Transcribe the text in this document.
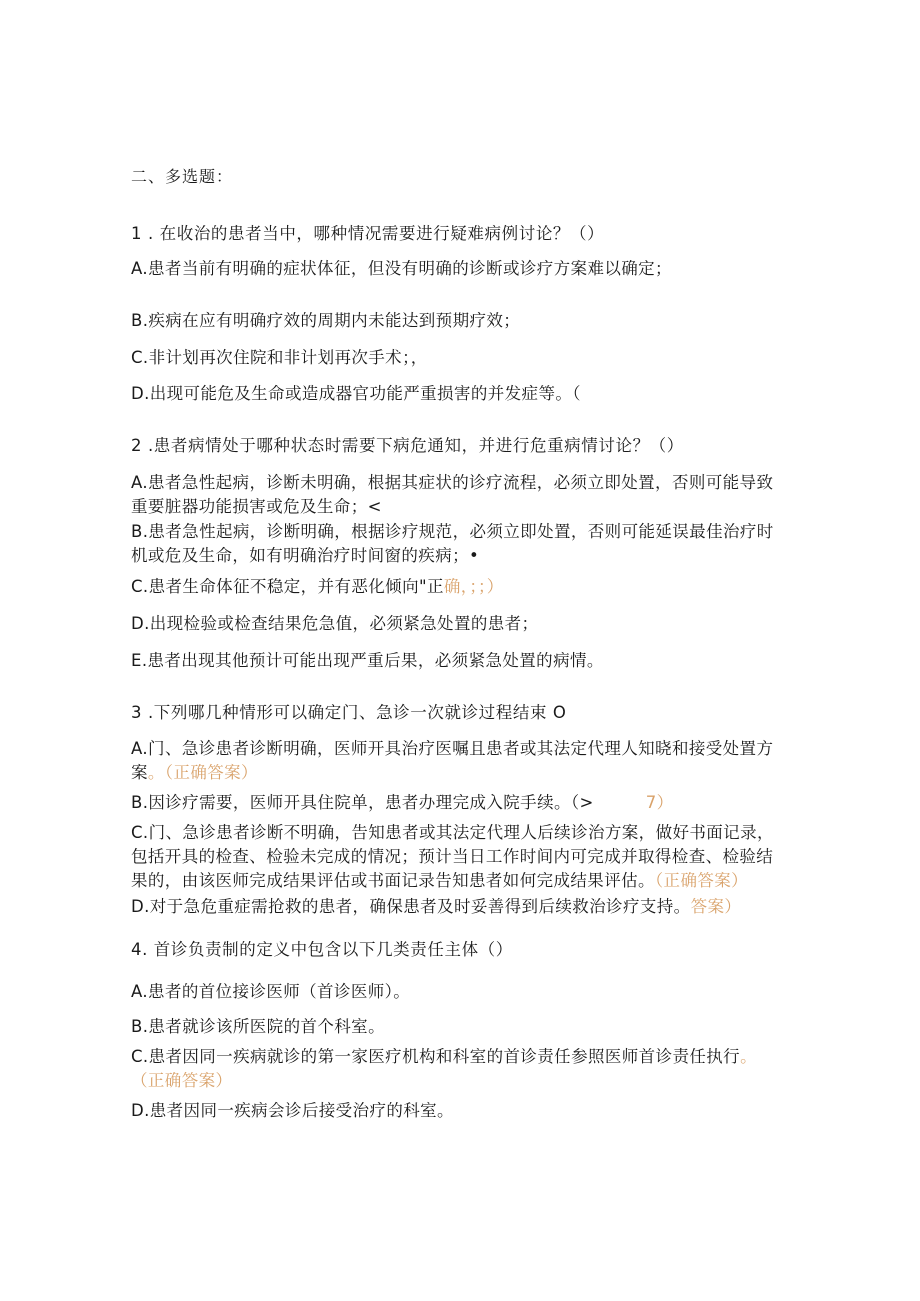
二、多选题：
1 . 在收治的患者当中，哪种情况需要进行疑难病例讨论？（）
A.患者当前有明确的症状体征，但没有明确的诊断或诊疗方案难以确定；
B.疾病在应有明确疗效的周期内未能达到预期疗效；
C.非计划再次住院和非计划再次手术；，
D.出现可能危及生命或造成器官功能严重损害的并发症等。（
2 .患者病情处于哪种状态时需要下病危通知，并进行危重病情讨论？（）
A.患者急性起病，诊断未明确，根据其症状的诊疗流程，必须立即处置，否则可能导致
重要脏器功能损害或危及生命；<
B.患者急性起病，诊断明确，根据诊疗规范，必须立即处置，否则可能延误最佳治疗时
机或危及生命，如有明确治疗时间窗的疾病；•
C.患者生命体征不稳定，并有恶化倾向"正确，；；）
D.出现检验或检查结果危急值，必须紧急处置的患者；
E.患者出现其他预计可能出现严重后果，必须紧急处置的病情。
3 .下列哪几种情形可以确定门、急诊一次就诊过程结束 O
A.门、急诊患者诊断明确，医师开具治疗医嘱且患者或其法定代理人知晓和接受处置方
案。（正确答案）
B.因诊疗需要，医师开具住院单，患者办理完成入院手续。（>	7）
C.门、急诊患者诊断不明确，告知患者或其法定代理人后续诊治方案，做好书面记录，
包括开具的检查、检验未完成的情况；预计当日工作时间内可完成并取得检查、检验结
果的，由该医师完成结果评估或书面记录告知患者如何完成结果评估。（正确答案）
D.对于急危重症需抢救的患者，确保患者及时妥善得到后续救治诊疗支持。答案）
4. 首诊负责制的定义中包含以下几类责任主体（）
A.患者的首位接诊医师（首诊医师）。
B.患者就诊该所医院的首个科室。
C.患者因同一疾病就诊的第一家医疗机构和科室的首诊责任参照医师首诊责任执行。
（正确答案）
D.患者因同一疾病会诊后接受治疗的科室。
